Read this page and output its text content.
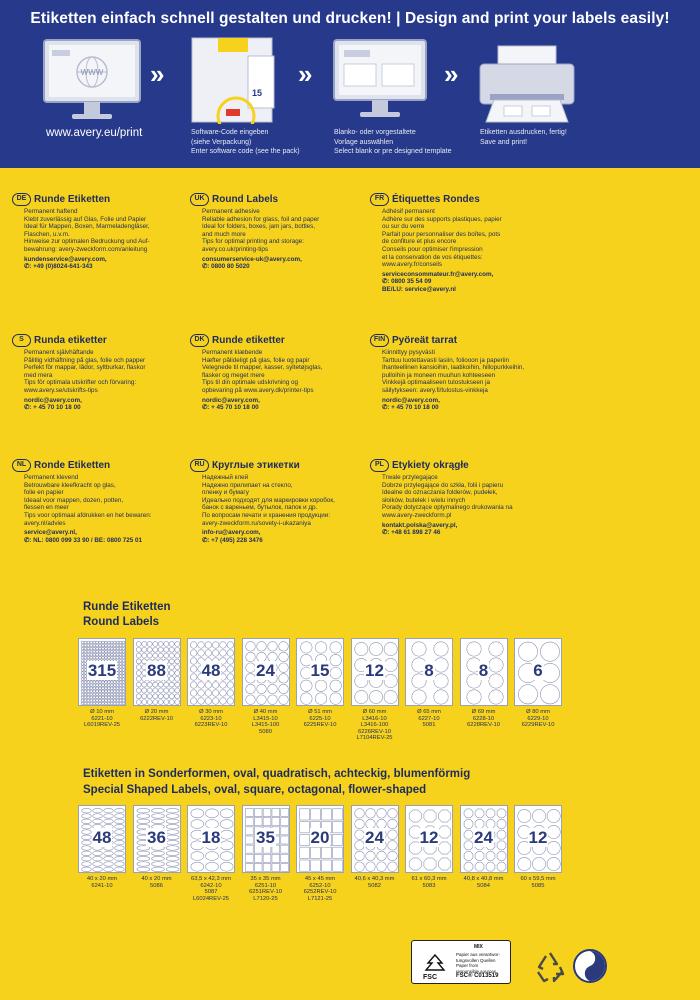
Etiketten einfach schnell gestalten und drucken! | Design and print your labels easily!
WWW »
15
»	»
www.avery.eu/print	Software-Code eingeben
(siehe Verpackung)
Enter software code (see the pack)
Blanko- oder vorgestaltete
Vorlage auswählen
Select blank or pre designed template
Etiketten ausdrucken, fertig!
Save and print!
DE Runde Etiketten
– Permanent haftend
– Klebt zuverlässig auf Glas, Folie und Papier
– Ideal für Mappen, Boxen, Marmeladengläser,
– Flaschen, u.v.m.
– Hinweise zur optimalen Bedruckung und Auf-
– bewahrung: avery-zweckform.com/anleitung
– kundenservice@avery.com,
– ✆: +49 (0)8024-641-343
UK Round Labels
– Permanent adhesive
– Reliable adhesion for glass, foil and paper
– Ideal for folders, boxes, jam jars, bottles,
– and much more
– Tips for optimal printing and storage:
– avery.co.uk/printing-tips
– consumerservice-uk@avery.com,
– ✆: 0800 80 5020
FR Étiquettes Rondes
– Adhésif permanent
– Adhère sur des supports plastiques, papier
– ou sur du verre
– Parfait pour personnaliser des boîtes, pots
– de confiture et plus encore
– Conseils pour optimiser l'impression
– et la conservation de vos étiquettes:
– www.avery.fr/conseils
– serviceconsommateur.fr@avery.com,
– ✆: 0800 35 54 09
– BE/LU: service@avery.nl
S	Runda etiketter
– Permanent självhäftande
– Pålitlig vidhäftning på glas, folie och papper
– Perfekt för mappar, lådor, syltburkar, flaskor
– med mera
– Tips för optimala utskrifter och förvaring:
– www.avery.se/utskrifts-tips
– nordic@avery.com,
– ✆: + 45 70 10 18 00
DK Runde etiketter
– Permanent klæbende
– Hæfter pålideligt på glas, folie og papir
– Velegnede til mapper, kasser, syltetøjsglas,
– flasker og meget mere
– Tips til din optimale udskrivning og
– opbevaring på www.avery.dk/printer-tips
– nordic@avery.com,
– ✆: + 45 70 10 18 00
FIN Pyöreät tarrat
– Kiinnittyy pysyvästi
– Tarttuu luotettavasti lasiin, foliooon ja paperiin
– Ihanteellinen kansioihin, laatikoihin, hillopurkkeihin,
– pulloihin ja moneen muuhun kohteeseen
– Vinkkejä optimaaliseen tulostukseen ja
– säilytykseen: avery.fi/tulostus-vinkkeja
– nordic@avery.com,
– ✆: + 45 70 10 18 00
NL Ronde Etiketten
– Permanent klevend
– Betrouwbare kleefkracht op glas,
– folie en papier
– Ideaal voor mappen, dozen, potten,
– flessen en meer
– Tips voor optimaal afdrukken en het bewaren:
– avery.nl/advies
– service@avery.nl,
– ✆: NL: 0800 099 33 90 / BE: 0800 725 01
RU Круглые этикетки
– Надежный клей
– Надежно прилипает на стекло,
– пленку и бумагу
– Идеально подходят для маркировки коробок,
– банок с вареньем, бутылок, папок и др.
– По вопросам печати и хранения продукции:
– avery-zweckform.ru/sovety-i-ukazaniya
– info-ru@avery.com,
– ✆: +7 (495) 228 3476
PL Etykiety okrągłe
– Trwale przylegające
– Dobrze przylegające do szkła, folii i papieru
– Idealne do oznaczania folderów, pudełek,
– słoików, butelek i wielu innych
– Porady dotyczące optymalnego drukowania na
– www.avery-zweckform.pl
– kontakt.polska@avery.pl,
– ✆: +48 61 898 27 46
Runde Etiketten
Round Labels
315
Ø 10 mm
6221-10
L6019REV-25
88
Ø 20 mm
6222REV-10
48
Ø 30 mm
6223-10
6223REV-10
24
Ø 40 mm
L3415-10
L3415-100
5080
15
Ø 51 mm
6225-10
6225REV-10
12
Ø 60 mm
L3416-10
L3416-100
6226REV-10
L7104REV-25
8
Ø 65 mm
6227-10
5081
8
Ø 69 mm
6228-10
6228REV-10
6
Ø 80 mm
6229-10
6229REV-10
Etiketten in Sonderformen, oval, quadratisch, achteckig, blumenförmig
Special Shaped Labels, oval, square, octagonal, flower-shaped
48
40 x 20 mm
6241-10
36
40 x 20 mm
5086
18
63,5 x 42,3 mm
6242-10
5087
L6024REV-25
35
35 x 35 mm
6251-10
6251REV-10
L7120-25
20
45 x 45 mm
6252-10
6252REV-10
L7121-25
24
40,6 x 40,3 mm
5082
12
61 x 60,3 mm
5083
24
40,8 x 40,8 mm
5084
12
60 x 59,5 mm
5085
FSC
MIX
Papier aus verantwor-
tungsvollen Quellen
Paper from
responsible sources
FSC® C013519
